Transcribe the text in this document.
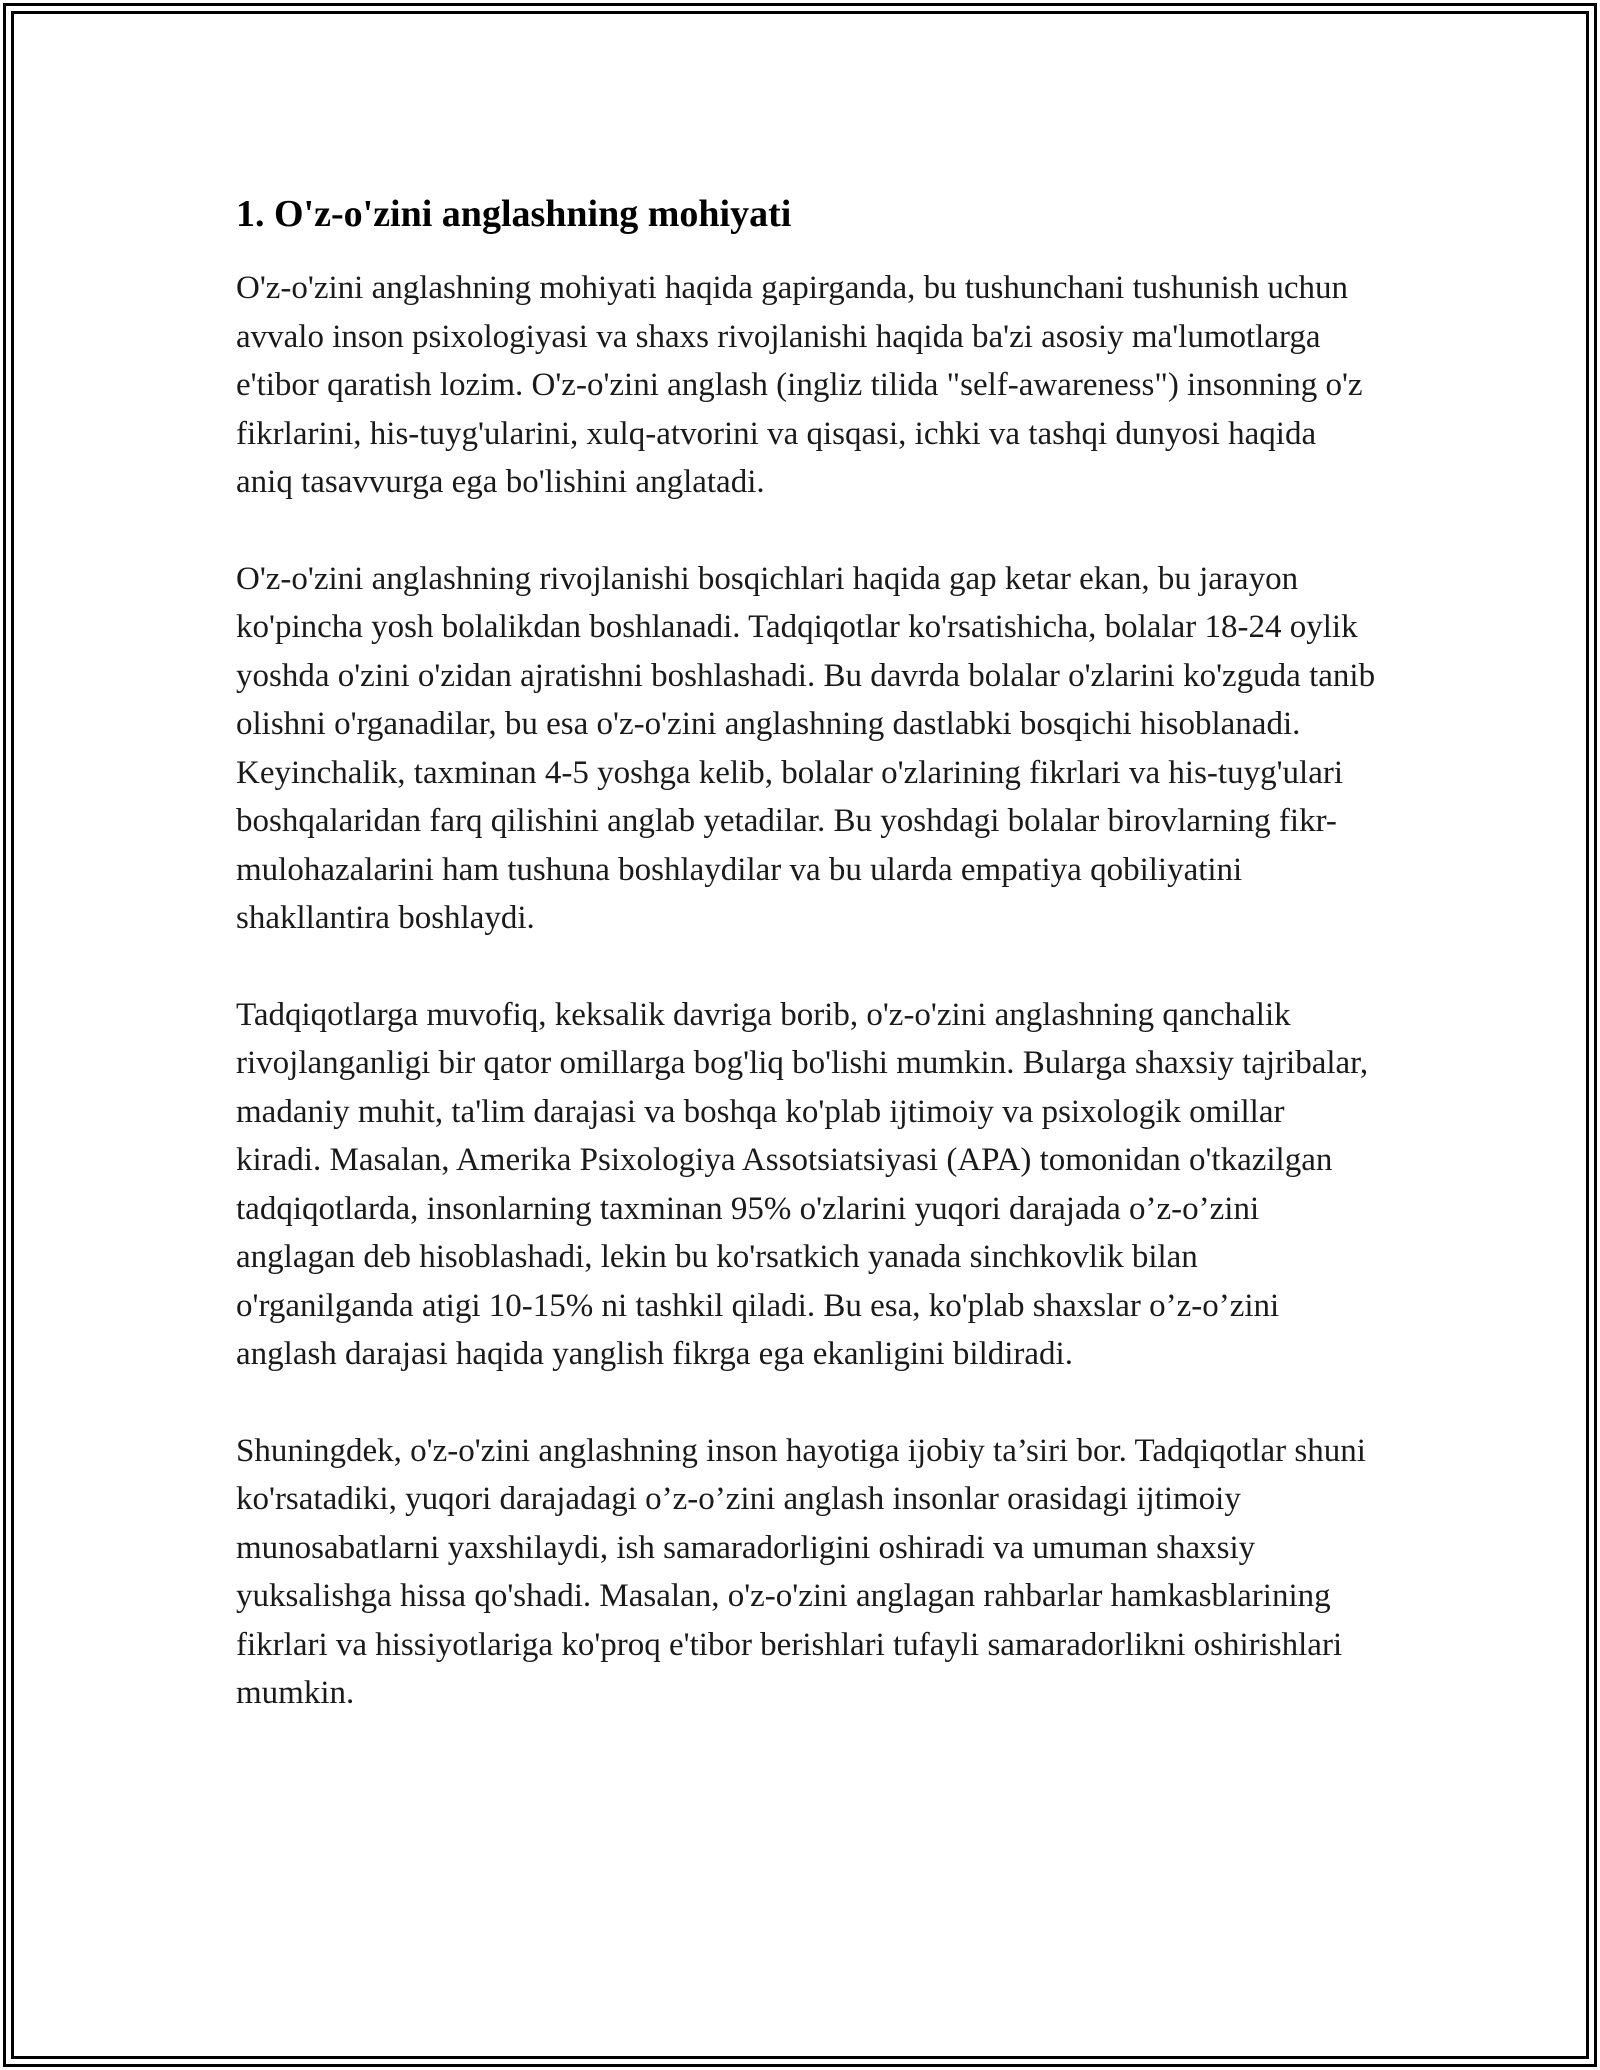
1. O'z-o'zini anglashning mohiyati

O'z-o'zini anglashning mohiyati haqida gapirganda, bu tushunchani tushunish uchun avvalo inson psixologiyasi va shaxs rivojlanishi haqida ba'zi asosiy ma'lumotlarga e'tibor qaratish lozim. O'z-o'zini anglash (ingliz tilida "self-awareness") insonning o'z fikrlarini, his-tuyg'ularini, xulq-atvorini va qisqasi, ichki va tashqi dunyosi haqida aniq tasavvurga ega bo'lishini anglatadi.

O'z-o'zini anglashning rivojlanishi bosqichlari haqida gap ketar ekan, bu jarayon ko'pincha yosh bolalikdan boshlanadi. Tadqiqotlar ko'rsatishicha, bolalar 18-24 oylik yoshda o'zini o'zidan ajratishni boshlashadi. Bu davrda bolalar o'zlarini ko'zguda tanib olishni o'rganadilar, bu esa o'z-o'zini anglashning dastlabki bosqichi hisoblanadi. Keyinchalik, taxminan 4-5 yoshga kelib, bolalar o'zlarining fikrlari va his-tuyg'ulari boshqalaridan farq qilishini anglab yetadilar. Bu yoshdagi bolalar birovlarning fikr-mulohazalarini ham tushuna boshlaydilar va bu ularda empatiya qobiliyatini shakllantira boshlaydi.

Tadqiqotlarga muvofiq, keksalik davriga borib, o'z-o'zini anglashning qanchalik rivojlanganligi bir qator omillarga bog'liq bo'lishi mumkin. Bularga shaxsiy tajribalar, madaniy muhit, ta'lim darajasi va boshqa ko'plab ijtimoiy va psixologik omillar kiradi. Masalan, Amerika Psixologiya Assotsiatsiyasi (APA) tomonidan o'tkazilgan tadqiqotlarda, insonlarning taxminan 95% o'zlarini yuqori darajada o’z-o’zini anglagan deb hisoblashadi, lekin bu ko'rsatkich yanada sinchkovlik bilan o'rganilganda atigi 10-15% ni tashkil qiladi. Bu esa, ko'plab shaxslar o’z-o’zini anglash darajasi haqida yanglish fikrga ega ekanligini bildiradi.

Shuningdek, o'z-o'zini anglashning inson hayotiga ijobiy ta’siri bor. Tadqiqotlar shuni ko'rsatadiki, yuqori darajadagi o’z-o’zini anglash insonlar orasidagi ijtimoiy munosabatlarni yaxshilaydi, ish samaradorligini oshiradi va umuman shaxsiy yuksalishga hissa qo'shadi. Masalan, o'z-o'zini anglagan rahbarlar hamkasblarining fikrlari va hissiyotlariga ko'proq e'tibor berishlari tufayli samaradorlikni oshirishlari mumkin.
